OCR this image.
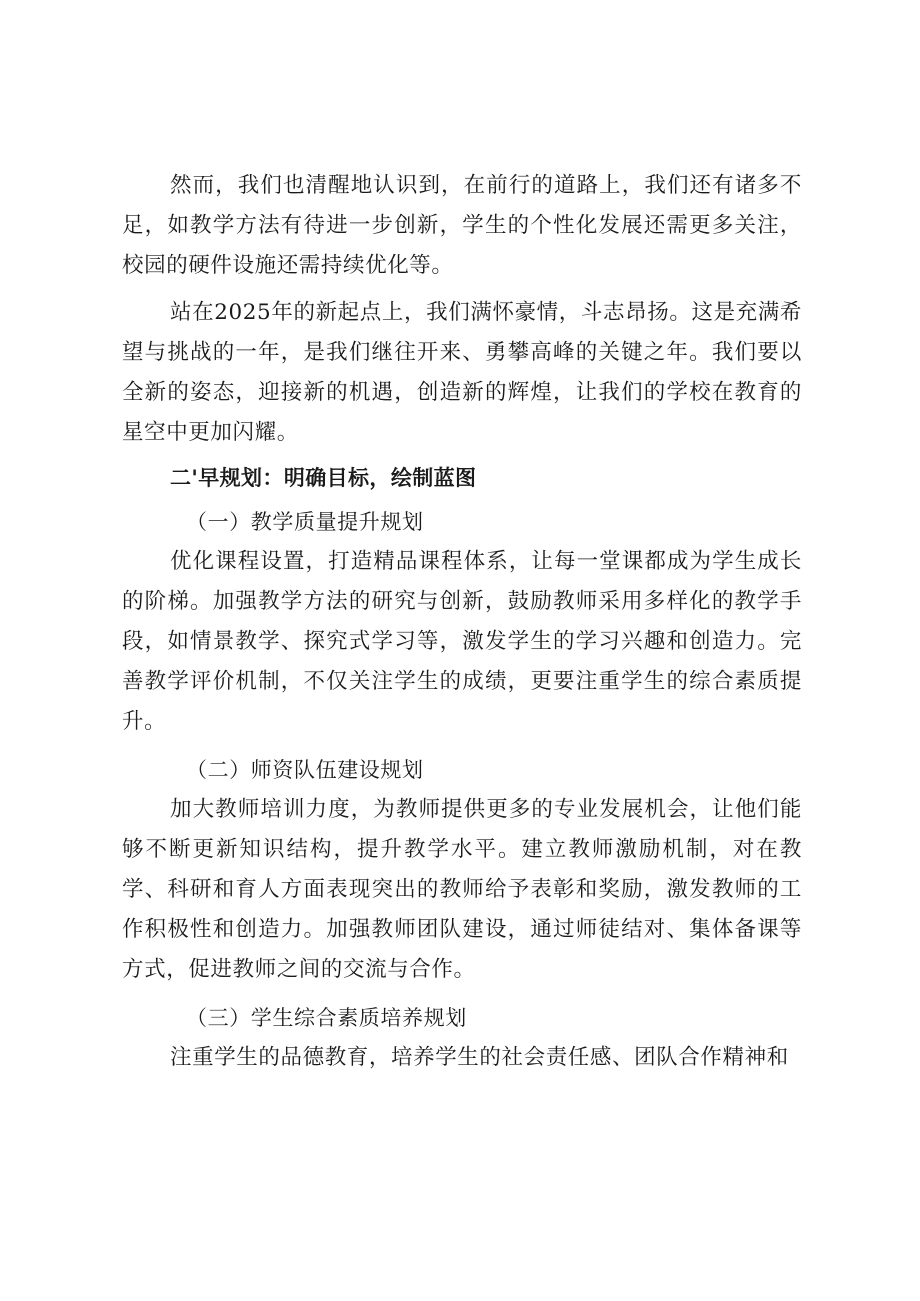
然而，我们也清醒地认识到，在前行的道路上，我们还有诸多不足，如教学方法有待进一步创新，学生的个性化发展还需更多关注，校园的硬件设施还需持续优化等。

站在2025年的新起点上，我们满怀豪情，斗志昂扬。这是充满希望与挑战的一年，是我们继往开来、勇攀高峰的关键之年。我们要以全新的姿态，迎接新的机遇，创造新的辉煌，让我们的学校在教育的星空中更加闪耀。

二'早规划：明确目标，绘制蓝图

（一）教学质量提升规划

优化课程设置，打造精品课程体系，让每一堂课都成为学生成长的阶梯。加强教学方法的研究与创新，鼓励教师采用多样化的教学手段，如情景教学、探究式学习等，激发学生的学习兴趣和创造力。完善教学评价机制，不仅关注学生的成绩，更要注重学生的综合素质提升。

（二）师资队伍建设规划

加大教师培训力度，为教师提供更多的专业发展机会，让他们能够不断更新知识结构，提升教学水平。建立教师激励机制，对在教学、科研和育人方面表现突出的教师给予表彰和奖励，激发教师的工作积极性和创造力。加强教师团队建设，通过师徒结对、集体备课等方式，促进教师之间的交流与合作。

（三）学生综合素质培养规划

注重学生的品德教育，培养学生的社会责任感、团队合作精神和
